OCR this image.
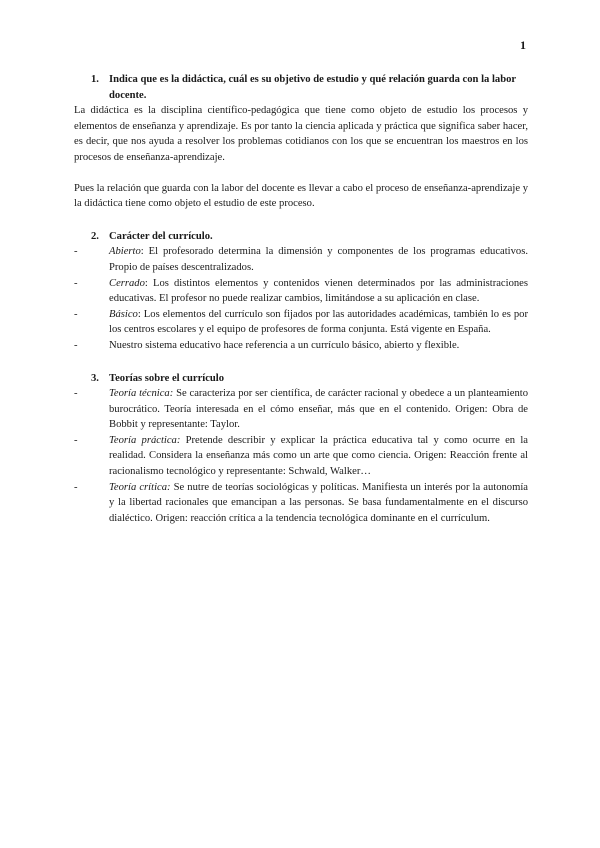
1
1. Indica que es la didáctica, cuál es su objetivo de estudio y qué relación guarda con la labor docente.

La didáctica es la disciplina científico-pedagógica que tiene como objeto de estudio los procesos y elementos de enseñanza y aprendizaje. Es por tanto la ciencia aplicada y práctica que significa saber hacer, es decir, que nos ayuda a resolver los problemas cotidianos con los que se encuentran los maestros en los procesos de enseñanza-aprendizaje.

Pues la relación que guarda con la labor del docente es llevar a cabo el proceso de enseñanza-aprendizaje y la didáctica tiene como objeto el estudio de este proceso.

2. Carácter del currículo.
-	Abierto: El profesorado determina la dimensión y componentes de los programas educativos. Propio de países descentralizados.
-	Cerrado: Los distintos elementos y contenidos vienen determinados por las administraciones educativas. El profesor no puede realizar cambios, limitándose a su aplicación en clase.
-	Básico: Los elementos del currículo son fijados por las autoridades académicas, también lo es por los centros escolares y el equipo de profesores de forma conjunta. Está vigente en España.
-	Nuestro sistema educativo hace referencia a un currículo básico, abierto y flexible.
3. Teorías sobre el currículo
-	Teoría técnica: Se caracteriza por ser científica, de carácter racional y obedece a un planteamiento burocrático. Teoría interesada en el cómo enseñar, más que en el contenido. Origen: Obra de Bobbit y representante: Taylor.
-	Teoría práctica: Pretende describir y explicar la práctica educativa tal y como ocurre en la realidad. Considera la enseñanza más como un arte que como ciencia. Origen: Reacción frente al racionalismo tecnológico y representante: Schwald, Walker…
-	Teoría crítica: Se nutre de teorías sociológicas y políticas. Manifiesta un interés por la autonomía y la libertad racionales que emancipan a las personas. Se basa fundamentalmente en el discurso dialéctico. Origen: reacción crítica a la tendencia tecnológica dominante en el currículum.
